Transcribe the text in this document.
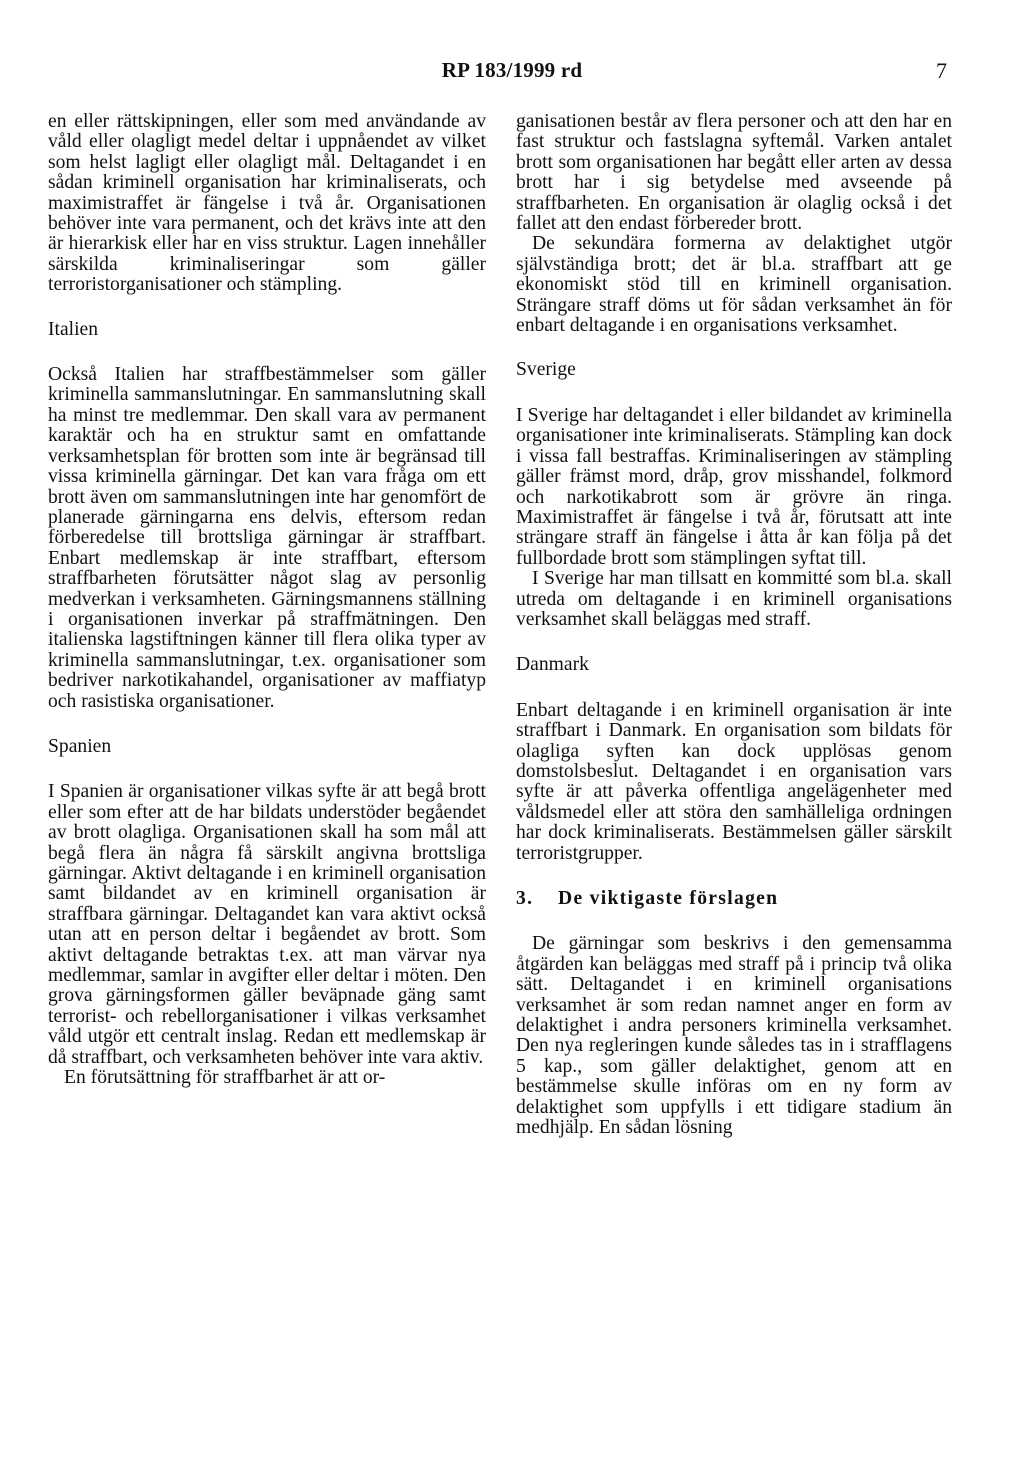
RP 183/1999 rd	7

en eller rättskipningen, eller som med användande av våld eller olagligt medel deltar i uppnåendet av vilket som helst lagligt eller olagligt mål. Deltagandet i en sådan kriminell organisation har kriminaliserats, och maximistraffet är fängelse i två år. Organisationen behöver inte vara permanent, och det krävs inte att den är hierarkisk eller har en viss struktur. Lagen innehåller särskilda kriminaliseringar som gäller terroristorganisationer och stämpling.

Italien

Också Italien har straffbestämmelser som gäller kriminella sammanslutningar. En sammanslutning skall ha minst tre medlemmar. Den skall vara av permanent karaktär och ha en struktur samt en omfattande verksamhetsplan för brotten som inte är begränsad till vissa kriminella gärningar. Det kan vara fråga om ett brott även om sammanslutningen inte har genomfört de planerade gärningarna ens delvis, eftersom redan förberedelse till brottsliga gärningar är straffbart. Enbart medlemskap är inte straffbart, eftersom straffbarheten förutsätter något slag av personlig medverkan i verksamheten. Gärningsmannens ställning i organisationen inverkar på straffmätningen. Den italienska lagstiftningen känner till flera olika typer av kriminella sammanslutningar, t.ex. organisationer som bedriver narkotikahandel, organisationer av maffiatyp och rasistiska organisationer.

Spanien

I Spanien är organisationer vilkas syfte är att begå brott eller som efter att de har bildats understöder begåendet av brott olagliga. Organisationen skall ha som mål att begå flera än några få särskilt angivna brottsliga gärningar. Aktivt deltagande i en kriminell organisation samt bildandet av en kriminell organisation är straffbara gärningar. Deltagandet kan vara aktivt också utan att en person deltar i begåendet av brott. Som aktivt deltagande betraktas t.ex. att man värvar nya medlemmar, samlar in avgifter eller deltar i möten. Den grova gärningsformen gäller beväpnade gäng samt terrorist- och rebellorganisationer i vilkas verksamhet våld utgör ett centralt inslag. Redan ett medlemskap är då straffbart, och verksamheten behöver inte vara aktiv.

En förutsättning för straffbarhet är att or-

ganisationen består av flera personer och att den har en fast struktur och fastslagna syftemål. Varken antalet brott som organisationen har begått eller arten av dessa brott har i sig betydelse med avseende på straffbarheten. En organisation är olaglig också i det fallet att den endast förbereder brott.

De sekundära formerna av delaktighet utgör självständiga brott; det är bl.a. straffbart att ge ekonomiskt stöd till en kriminell organisation. Strängare straff döms ut för sådan verksamhet än för enbart deltagande i en organisations verksamhet.

Sverige

I Sverige har deltagandet i eller bildandet av kriminella organisationer inte kriminaliserats. Stämpling kan dock i vissa fall bestraffas. Kriminaliseringen av stämpling gäller främst mord, dråp, grov misshandel, folkmord och narkotikabrott som är grövre än ringa. Maximistraffet är fängelse i två år, förutsatt att inte strängare straff än fängelse i åtta år kan följa på det fullbordade brott som stämplingen syftat till.

I Sverige har man tillsatt en kommitté som bl.a. skall utreda om deltagande i en kriminell organisations verksamhet skall beläggas med straff.

Danmark

Enbart deltagande i en kriminell organisation är inte straffbart i Danmark. En organisation som bildats för olagliga syften kan dock upplösas genom domstolsbeslut. Deltagandet i en organisation vars syfte är att påverka offentliga angelägenheter med våldsmedel eller att störa den samhälleliga ordningen har dock kriminaliserats. Bestämmelsen gäller särskilt terroristgrupper.

3. De viktigaste förslagen

De gärningar som beskrivs i den gemensamma åtgärden kan beläggas med straff på i princip två olika sätt. Deltagandet i en kriminell organisations verksamhet är som redan namnet anger en form av delaktighet i andra personers kriminella verksamhet. Den nya regleringen kunde således tas in i strafflagens 5 kap., som gäller delaktighet, genom att en bestämmelse skulle införas om en ny form av delaktighet som uppfylls i ett tidigare stadium än medhjälp. En sådan lösning
